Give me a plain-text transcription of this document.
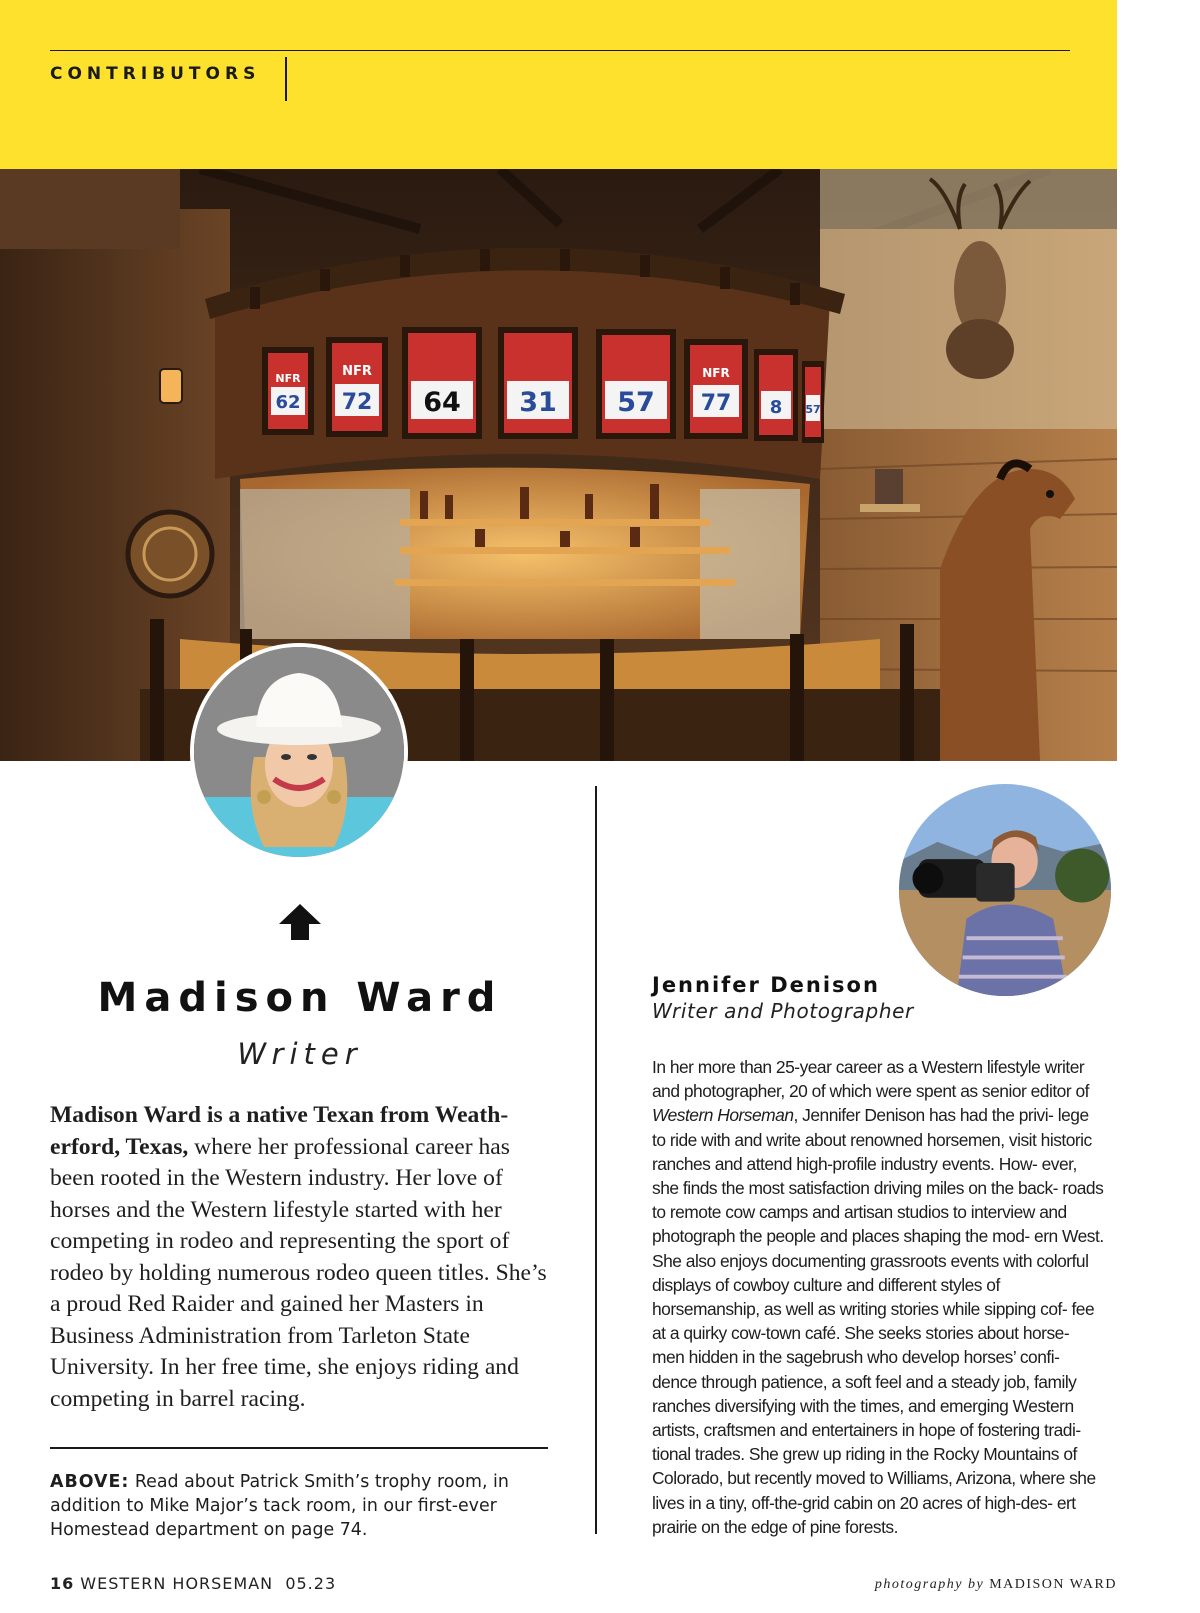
CONTRIBUTORS
62
NFR
72
NFR
64 31 57 77
NFR
8 57
Madison Ward
Writer

Madison Ward is a native Texan from Weath- erford, Texas, where her professional career has been rooted in the Western industry. Her love of horses and the Western lifestyle started with her competing in rodeo and representing the sport of rodeo by holding numerous rodeo queen titles. She’s a proud Red Raider and gained her Masters in Business Administration from Tarleton State University. In her free time, she enjoys riding and competing in barrel racing.

ABOVE: Read about Patrick Smith’s trophy room, in addition to Mike Major’s tack room, in our first-ever Homestead department on page 74.

Jennifer Denison
Writer and Photographer

In her more than 25-year career as a Western lifestyle writer and photographer, 20 of which were spent as senior editor of Western Horseman, Jennifer Denison has had the privi- lege to ride with and write about renowned horsemen, visit historic ranches and attend high-profile industry events. How- ever, she finds the most satisfaction driving miles on the back- roads to remote cow camps and artisan studios to interview and photograph the people and places shaping the mod- ern West. She also enjoys documenting grassroots events with colorful displays of cowboy culture and different styles of horsemanship, as well as writing stories while sipping cof- fee at a quirky cow-town café. She seeks stories about horse- men hidden in the sagebrush who develop horses’ confi- dence through patience, a soft feel and a steady job, family ranches diversifying with the times, and emerging Western artists, craftsmen and entertainers in hope of fostering tradi- tional trades. She grew up riding in the Rocky Mountains of Colorado, but recently moved to Williams, Arizona, where she lives in a tiny, off-the-grid cabin on 20 acres of high-des- ert prairie on the edge of pine forests.

16 WESTERN HORSEMAN 05.23	photography by MADISON WARD
